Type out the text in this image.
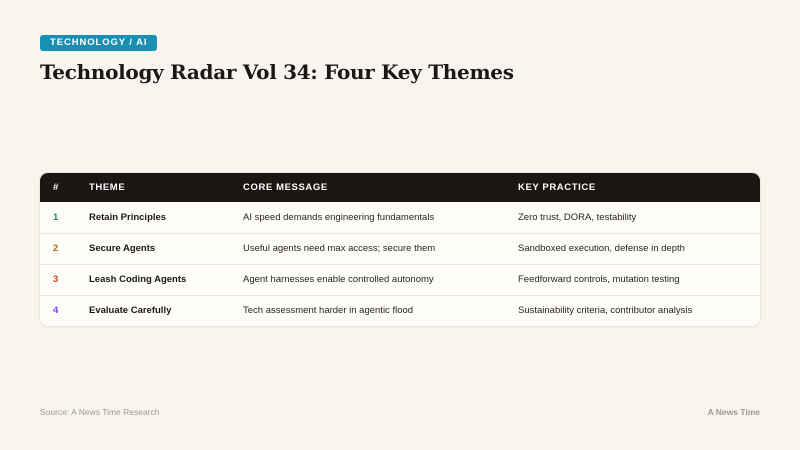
TECHNOLOGY / AI
Technology Radar Vol 34: Four Key Themes
#	THEME	CORE MESSAGE	KEY PRACTICE
1	Retain Principles	AI speed demands engineering fundamentals	Zero trust, DORA, testability
2	Secure Agents	Useful agents need max access; secure them	Sandboxed execution, defense in depth
3	Leash Coding Agents	Agent harnesses enable controlled autonomy	Feedforward controls, mutation testing
4	Evaluate Carefully	Tech assessment harder in agentic flood	Sustainability criteria, contributor analysis
Source: A News Time Research	A News Time
